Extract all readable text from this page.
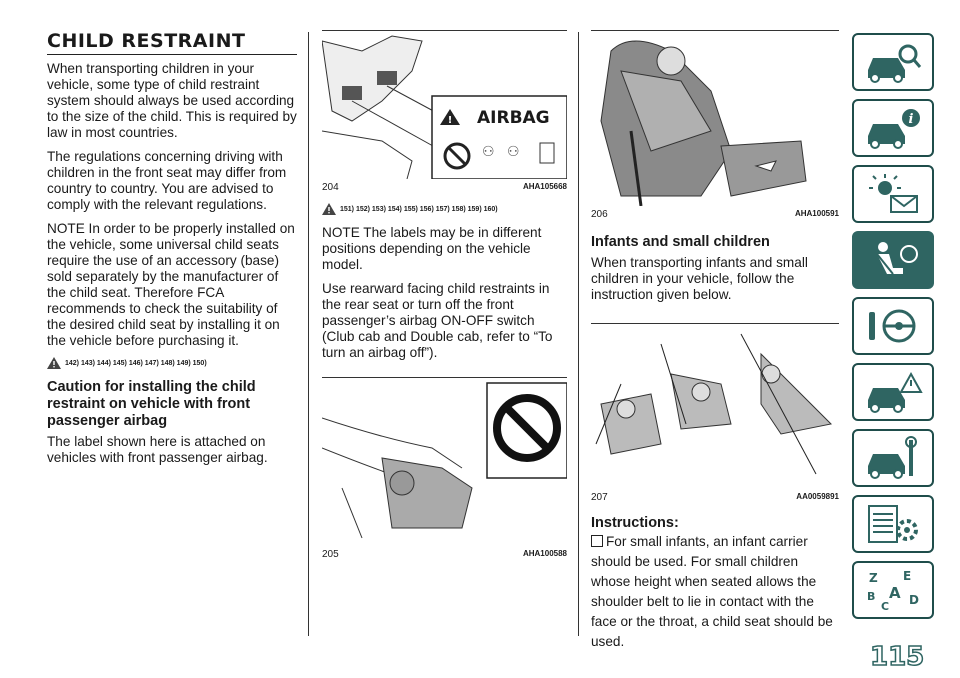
CHILD RESTRAINT

When transporting children in your vehicle, some type of child restraint system should always be used according to the size of the child. This is required by law in most countries.

The regulations concerning driving with children in the front seat may differ from country to country. You are advised to comply with the relevant regulations.

NOTE In order to be properly installed on the vehicle, some universal child seats require the use of an accessory (base) sold separately by the manufacturer of the child seat. Therefore FCA recommends to check the suitability of the desired child seat by installing it on the vehicle before purchasing it.

142) 143) 144) 145) 146) 147) 148) 149) 150)
Caution for installing the child restraint on vehicle with front passenger airbag

The label shown here is attached on vehicles with front passenger airbag.

!
⚇ ⚇
AIRBAG
204	AHA105668
151) 152) 153) 154) 155) 156) 157) 158) 159) 160)

NOTE The labels may be in different positions depending on the vehicle model.

Use rearward facing child restraints in the rear seat or turn off the front passenger’s airbag ON-OFF switch (Club cab and Double cab, refer to “To turn an airbag off”).

205	AHA100588
206	AHA100591
Infants and small children

When transporting infants and small children in your vehicle, follow the instruction given below.

207	AA0059891
Instructions:

For small infants, an infant carrier should be used. For small children whose height when seated allows the shoulder belt to lie in contact with the face or the throat, a child seat should be used.

i
Z E
B A
C D
115
